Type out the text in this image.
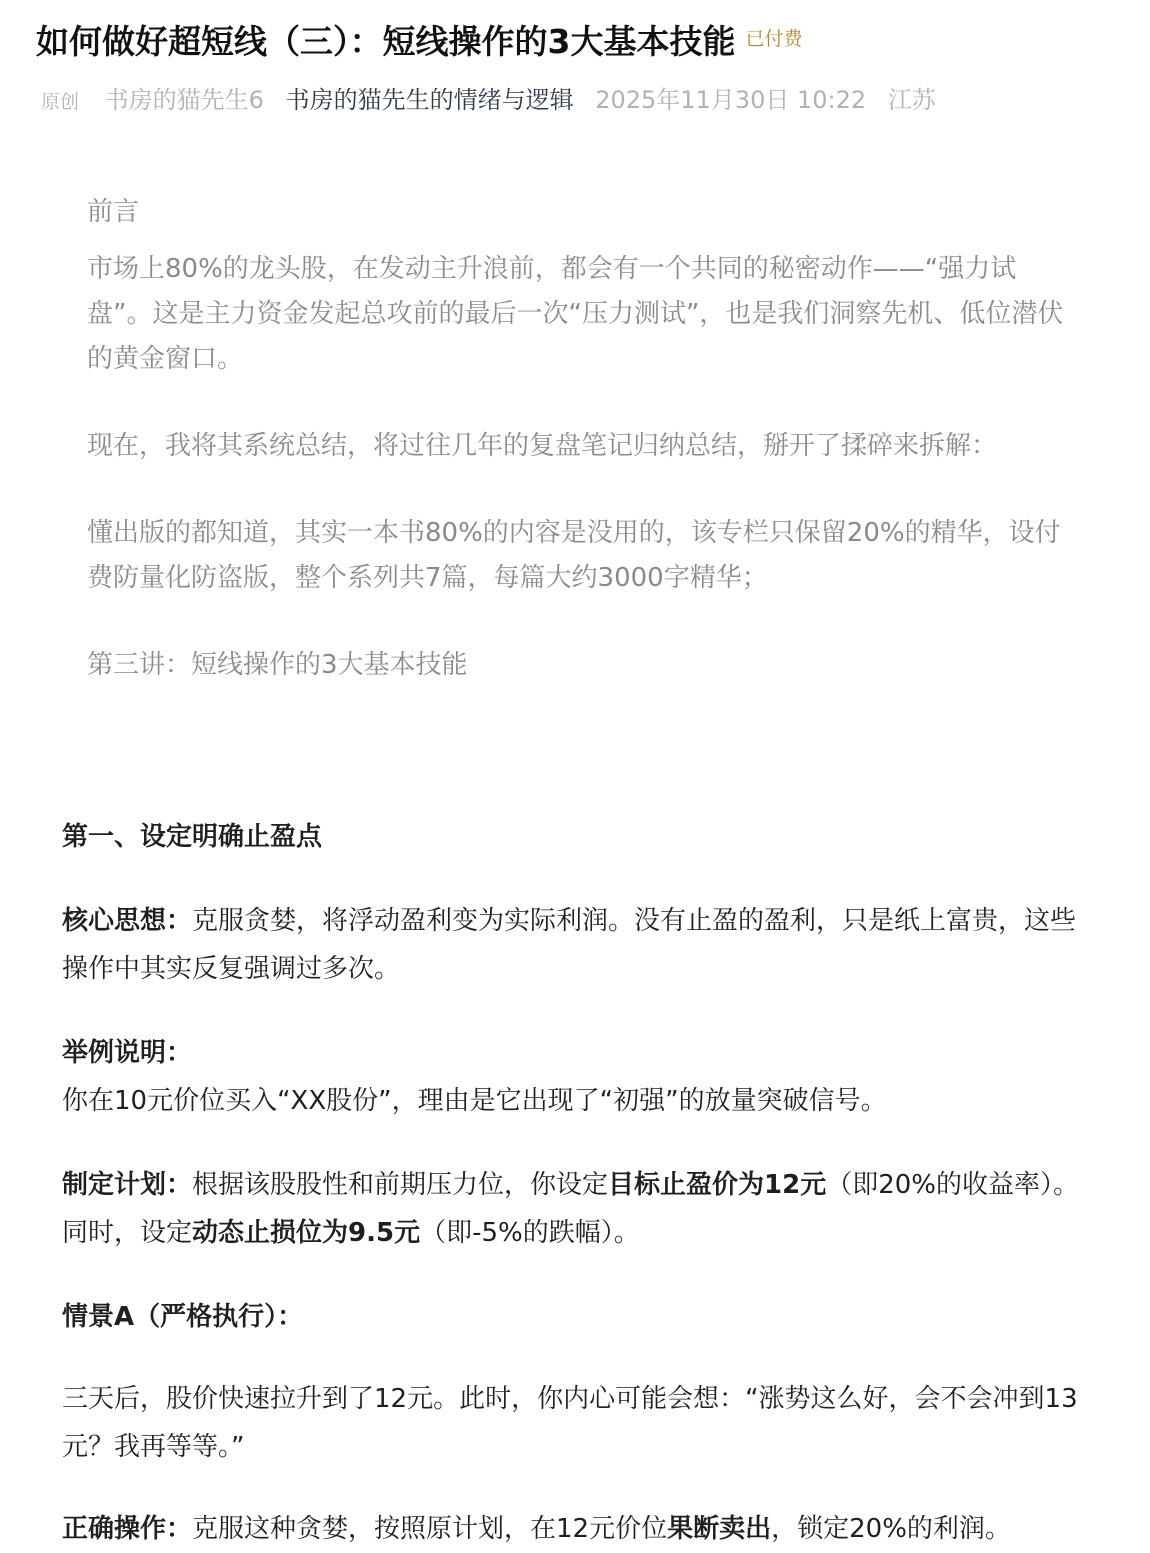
如何做好超短线（三）：短线操作的3大基本技能 $^{已付费}$
原创 书房的猫先生6 书房的猫先生的情绪与逻辑 2025年11月30日 10:22 江苏

前言

市场上80%的龙头股，在发动主升浪前，都会有一个共同的秘密动作——“强力试盘”。这是主力资金发起总攻前的最后一次“压力测试”，也是我们洞察先机、低位潜伏的黄金窗口。

现在，我将其系统总结，将过往几年的复盘笔记归纳总结，掰开了揉碎来拆解：

懂出版的都知道，其实一本书80%的内容是没用的，该专栏只保留20%的精华，设付费防量化防盗版，整个系列共7篇，每篇大约3000字精华；

第三讲：短线操作的3大基本技能

第一、设定明确止盈点

核心思想：克服贪婪，将浮动盈利变为实际利润。没有止盈的盈利，只是纸上富贵，这些操作中其实反复强调过多次。

举例说明：

你在10元价位买入“XX股份”，理由是它出现了“初强”的放量突破信号。

制定计划：根据该股股性和前期压力位，你设定目标止盈价为12元（即20%的收益率）。同时，设定动态止损位为9.5元（即-5%的跌幅）。

情景A（严格执行）：

三天后，股价快速拉升到了12元。此时，你内心可能会想：“涨势这么好，会不会冲到13元？我再等等。”

正确操作：克服这种贪婪，按照原计划，在12元价位果断卖出，锁定20%的利润。
